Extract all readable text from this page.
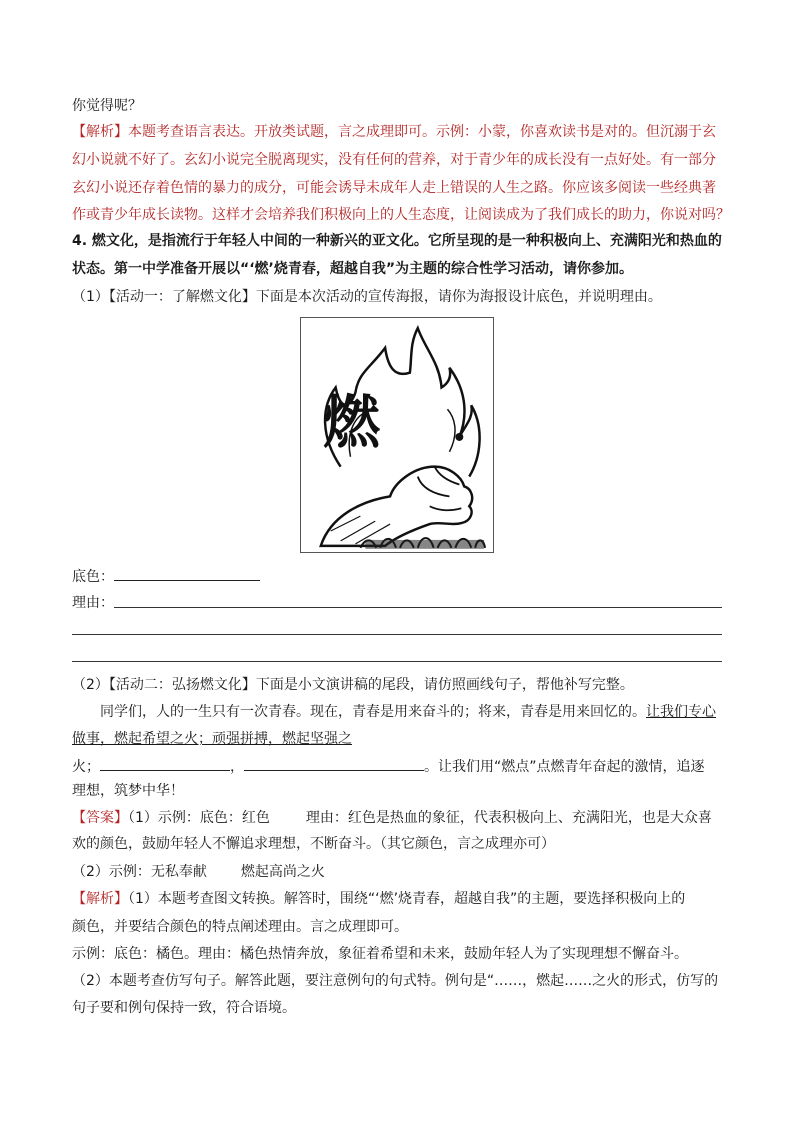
你觉得呢？
【解析】本题考查语言表达。开放类试题，言之成理即可。示例：小蒙，你喜欢读书是对的。但沉溺于玄
幻小说就不好了。玄幻小说完全脱离现实，没有任何的营养，对于青少年的成长没有一点好处。有一部分
玄幻小说还存着色情的暴力的成分，可能会诱导未成年人走上错误的人生之路。你应该多阅读一些经典著
作或青少年成长读物。这样才会培养我们积极向上的人生态度，让阅读成为了我们成长的助力，你说对吗？
4. 燃文化，是指流行于年轻人中间的一种新兴的亚文化。它所呈现的是一种积极向上、充满阳光和热血的
状态。第一中学准备开展以“‘燃’烧青春，超越自我”为主题的综合性学习活动，请你参加。
（1）【活动一：了解燃文化】下面是本次活动的宣传海报，请你为海报设计底色，并说明理由。
燃
底色：
理由：
（2）【活动二：弘扬燃文化】下面是小文演讲稿的尾段，请仿照画线句子，帮他补写完整。
同学们，人的一生只有一次青春。现在，青春是用来奋斗的；将来，青春是用来回忆的。让我们专心
做事，燃起希望之火；顽强拼搏，燃起坚强之
火；	，	。让我们用“燃点”点燃青年奋起的激情，追逐
理想，筑梦中华！
【答案】（1）示例：底色：红色	理由：红色是热血的象征，代表积极向上、充满阳光，也是大众喜
欢的颜色，鼓励年轻人不懈追求理想，不断奋斗。（其它颜色，言之成理亦可）
（2）示例：无私奉献 燃起高尚之火
【解析】（1）本题考查图文转换。解答时，围绕“‘燃’烧青春，超越自我”的主题，要选择积极向上的
颜色，并要结合颜色的特点阐述理由。言之成理即可。
示例：底色：橘色。理由：橘色热情奔放，象征着希望和未来，鼓励年轻人为了实现理想不懈奋斗。
（2）本题考查仿写句子。解答此题，要注意例句的句式特。例句是“……，燃起……之火的形式，仿写的
句子要和例句保持一致，符合语境。
